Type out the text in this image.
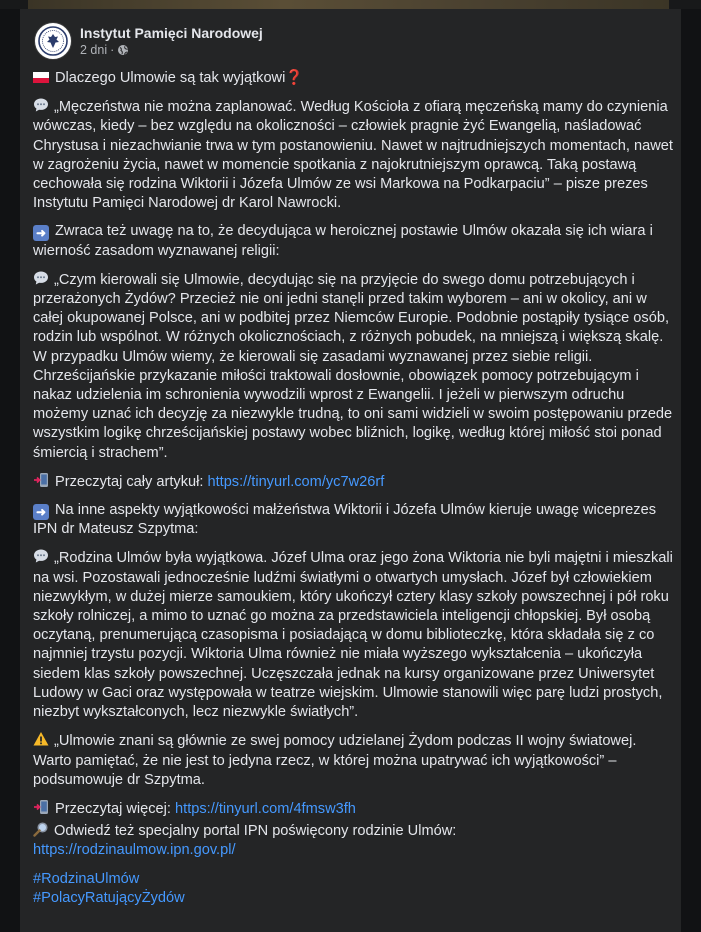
Instytut Pamięci Narodowej
2 dni ·
Dlaczego Ulmowie są tak wyjątkowi❓
„Męczeństwa nie można zaplanować. Według Kościoła z ofiarą męczeńską mamy do czynienia wówczas, kiedy – bez względu na okoliczności – człowiek pragnie żyć Ewangelią, naśladować Chrystusa i niezachwianie trwa w tym postanowieniu. Nawet w najtrudniejszych momentach, nawet w zagrożeniu życia, nawet w momencie spotkania z najokrutniejszym oprawcą. Taką postawą cechowała się rodzina Wiktorii i Józefa Ulmów ze wsi Markowa na Podkarpaciu” – pisze prezes Instytutu Pamięci Narodowej dr Karol Nawrocki.
➜ Zwraca też uwagę na to, że decydująca w heroicznej postawie Ulmów okazała się ich wiara i wierność zasadom wyznawanej religii:
„Czym kierowali się Ulmowie, decydując się na przyjęcie do swego domu potrzebujących i przerażonych Żydów? Przecież nie oni jedni stanęli przed takim wyborem – ani w okolicy, ani w całej okupowanej Polsce, ani w podbitej przez Niemców Europie. Podobnie postąpiły tysiące osób, rodzin lub wspólnot. W różnych okolicznościach, z różnych pobudek, na mniejszą i większą skalę. W przypadku Ulmów wiemy, że kierowali się zasadami wyznawanej przez siebie religii. Chrześcijańskie przykazanie miłości traktowali dosłownie, obowiązek pomocy potrzebującym i nakaz udzielenia im schronienia wywodzili wprost z Ewangelii. I jeżeli w pierwszym odruchu możemy uznać ich decyzję za niezwykle trudną, to oni sami widzieli w swoim postępowaniu przede wszystkim logikę chrześcijańskiej postawy wobec bliźnich, logikę, według której miłość stoi ponad śmiercią i strachem”.
Przeczytaj cały artykuł: https://tinyurl.com/yc7w26rf
➜ Na inne aspekty wyjątkowości małżeństwa Wiktorii i Józefa Ulmów kieruje uwagę wiceprezes IPN dr Mateusz Szpytma:
„Rodzina Ulmów była wyjątkowa. Józef Ulma oraz jego żona Wiktoria nie byli majętni i mieszkali na wsi. Pozostawali jednocześnie ludźmi światłymi o otwartych umysłach. Józef był człowiekiem niezwykłym, w dużej mierze samoukiem, który ukończył cztery klasy szkoły powszechnej i pół roku szkoły rolniczej, a mimo to uznać go można za przedstawiciela inteligencji chłopskiej. Był osobą oczytaną, prenumerującą czasopisma i posiadającą w domu biblioteczkę, która składała się z co najmniej trzystu pozycji. Wiktoria Ulma również nie miała wyższego wykształcenia – ukończyła siedem klas szkoły powszechnej. Uczęszczała jednak na kursy organizowane przez Uniwersytet Ludowy w Gaci oraz występowała w teatrze wiejskim. Ulmowie stanowili więc parę ludzi prostych, niezbyt wykształconych, lecz niezwykle światłych”.
„Ulmowie znani są głównie ze swej pomocy udzielanej Żydom podczas II wojny światowej. Warto pamiętać, że nie jest to jedyna rzecz, w której można upatrywać ich wyjątkowości” – podsumowuje dr Szpytma.
Przeczytaj więcej: https://tinyurl.com/4fmsw3fh
Odwiedź też specjalny portal IPN poświęcony rodzinie Ulmów:
https://rodzinaulmow.ipn.gov.pl/
#RodzinaUlmów
#PolacyRatującyŻydów
